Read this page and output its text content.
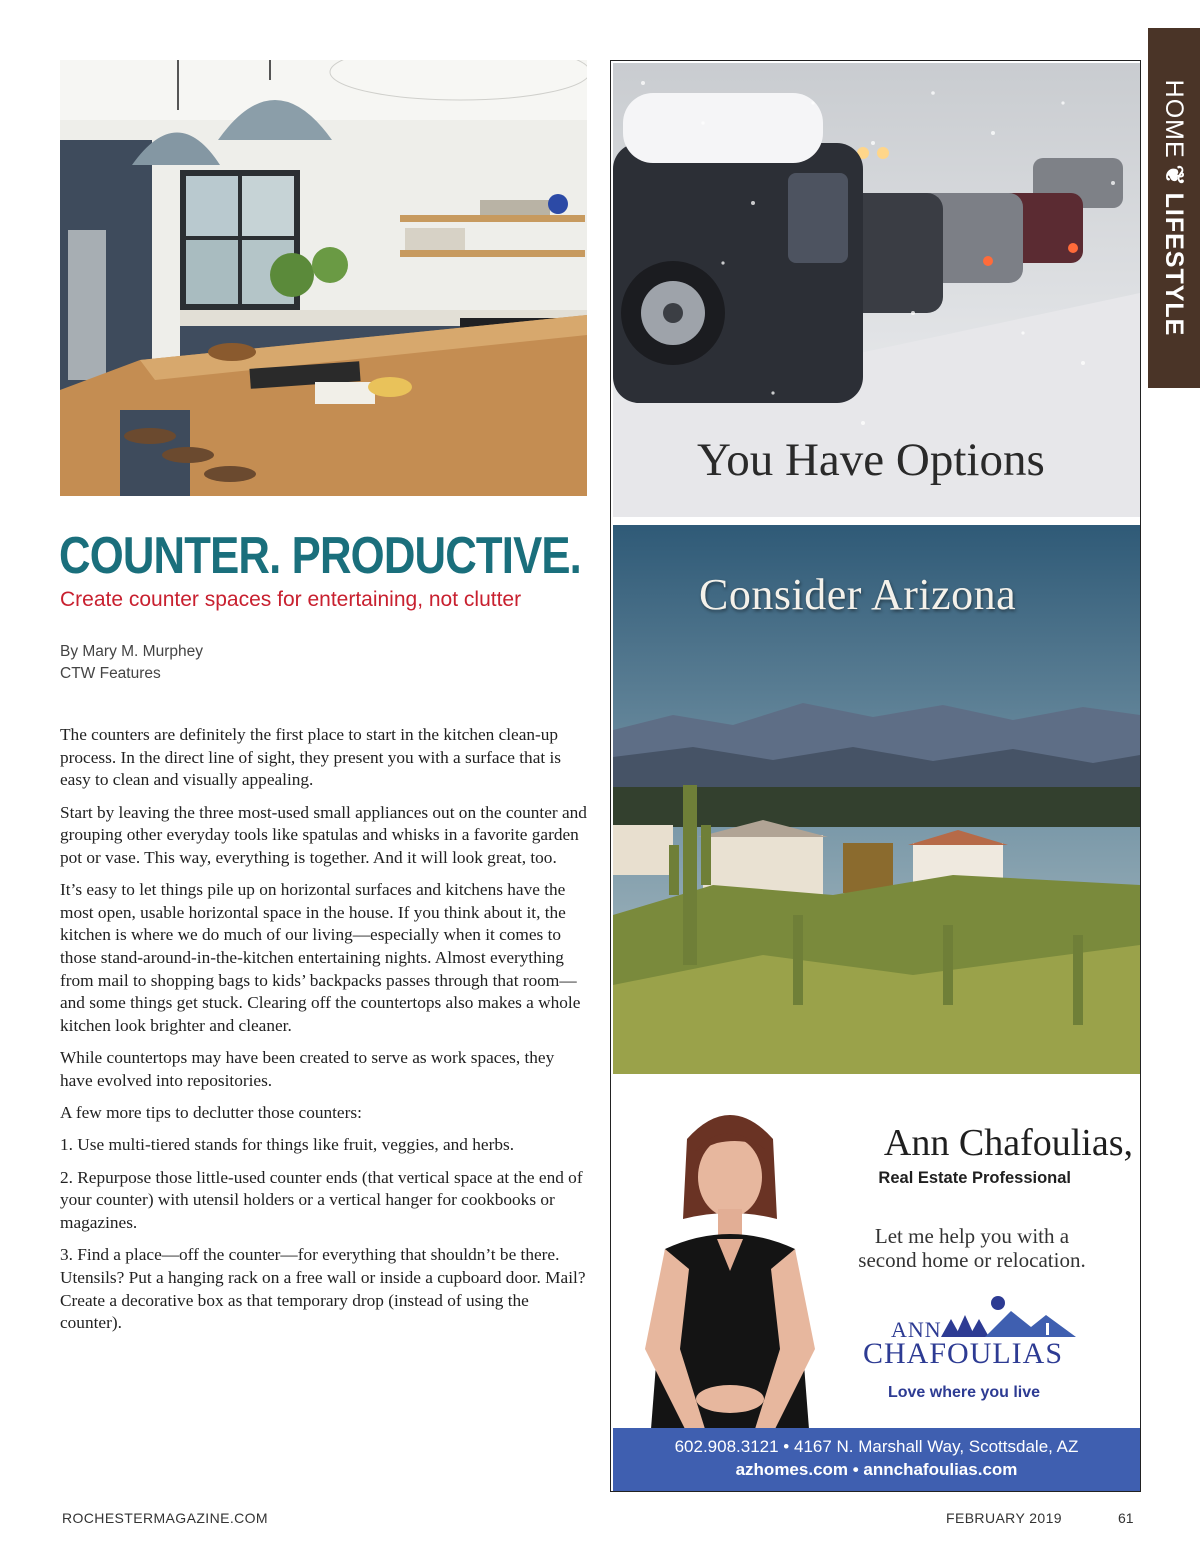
HOME❦LIFESTYLE
COUNTER. PRODUCTIVE.
Create counter spaces for entertaining, not clutter
By Mary M. Murphey
CTW Features

The counters are definitely the first place to start in the kitchen clean-up process. In the direct line of sight, they present you with a surface that is easy to clean and visually appealing.

Start by leaving the three most-used small appliances out on the counter and grouping other everyday tools like spatulas and whisks in a favorite garden pot or vase. This way, everything is together. And it will look great, too.

It’s easy to let things pile up on horizontal surfaces and kitchens have the most open, usable horizontal space in the house. If you think about it, the kitchen is where we do much of our living—especially when it comes to those stand-around-in-the-kitchen entertaining nights. Almost everything from mail to shopping bags to kids’ backpacks passes through that room—and some things get stuck. Clearing off the countertops also makes a whole kitchen look brighter and cleaner.

While countertops may have been created to serve as work spaces, they have evolved into repositories.

A few more tips to declutter those counters:

1. Use multi-tiered stands for things like fruit, veggies, and herbs.

2. Repurpose those little-used counter ends (that vertical space at the end of your counter) with utensil holders or a vertical hanger for cookbooks or magazines.

3. Find a place—off the counter—for everything that shouldn’t be there. Utensils? Put a hanging rack on a free wall or inside a cupboard door. Mail? Create a decorative box as that temporary drop (instead of using the counter).

You Have Options
Consider Arizona
Ann Chafoulias,
Real Estate Professional
Let me help you with a
second home or relocation.
ANN
CHAFOULIAS
Love where you live
602.908.3121 • 4167 N. Marshall Way, Scottsdale, AZ
azhomes.com • annchafoulias.com
ROCHESTERMAGAZINE.COM	FEBRUARY 2019	61
